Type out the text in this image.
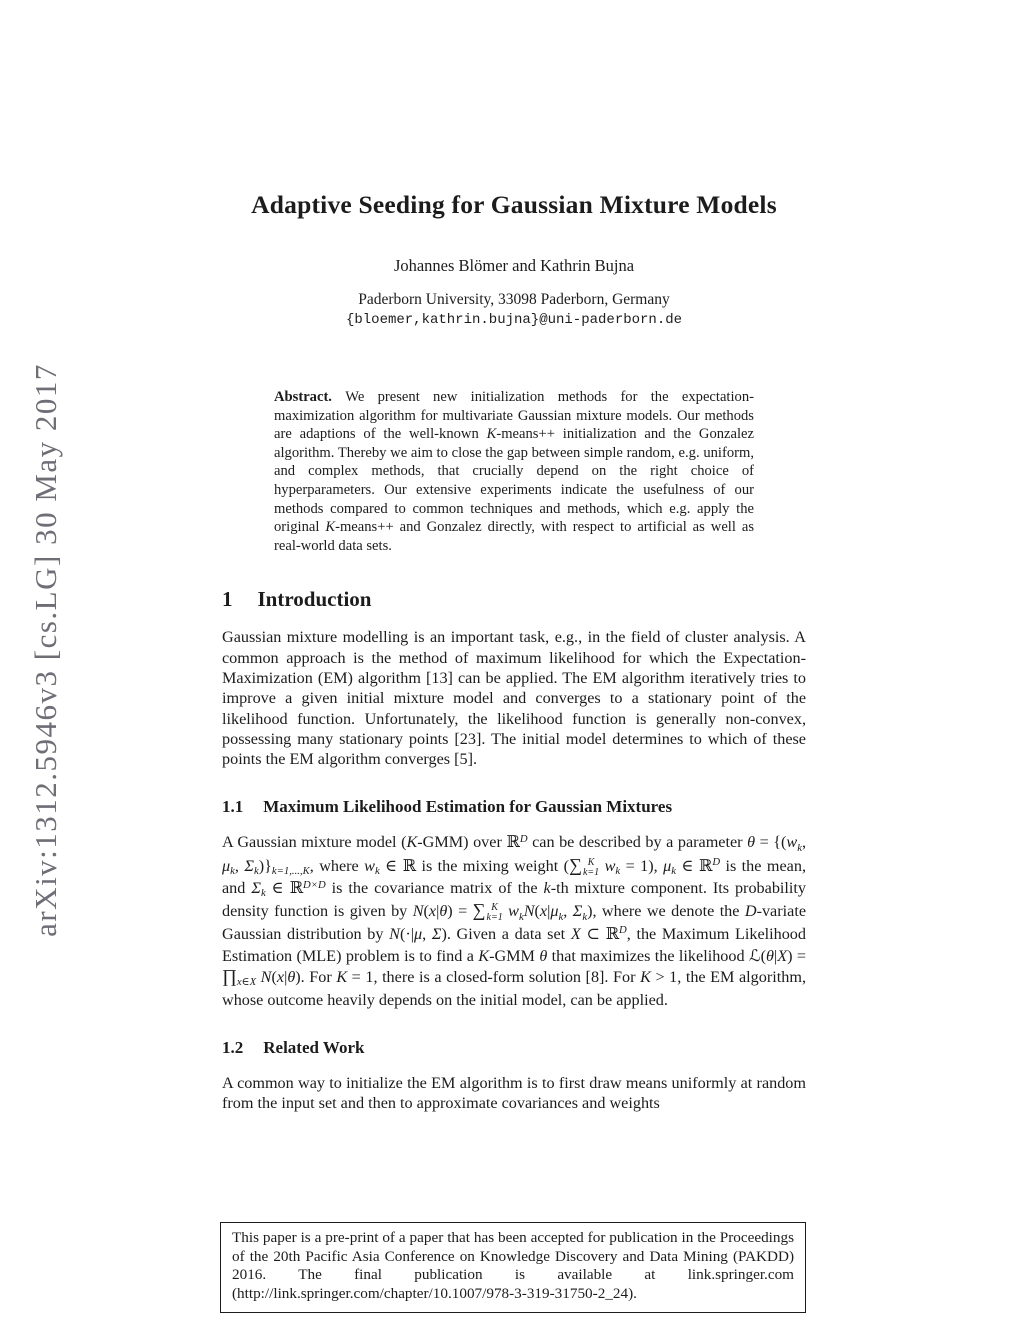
arXiv:1312.5946v3 [cs.LG] 30 May 2017
Adaptive Seeding for Gaussian Mixture Models
Johannes Blömer and Kathrin Bujna
Paderborn University, 33098 Paderborn, Germany
{bloemer,kathrin.bujna}@uni-paderborn.de
Abstract. We present new initialization methods for the expectation-maximization algorithm for multivariate Gaussian mixture models. Our methods are adaptions of the well-known K-means++ initialization and the Gonzalez algorithm. Thereby we aim to close the gap between simple random, e.g. uniform, and complex methods, that crucially depend on the right choice of hyperparameters. Our extensive experiments indicate the usefulness of our methods compared to common techniques and methods, which e.g. apply the original K-means++ and Gonzalez directly, with respect to artificial as well as real-world data sets.
1 Introduction

Gaussian mixture modelling is an important task, e.g., in the field of cluster analysis. A common approach is the method of maximum likelihood for which the Expectation-Maximization (EM) algorithm [13] can be applied. The EM algorithm iteratively tries to improve a given initial mixture model and converges to a stationary point of the likelihood function. Unfortunately, the likelihood function is generally non-convex, possessing many stationary points [23]. The initial model determines to which of these points the EM algorithm converges [5].

1.1 Maximum Likelihood Estimation for Gaussian Mixtures

A Gaussian mixture model (K-GMM) over ℝ$^D$ can be described by a parameter θ = {(wk, μk, Σk)}k=1,...,K, where wk ∈ ℝ is the mixing weight (∑ K
k=1 wk = 1), μk ∈ ℝ$^D$ is the mean, and Σk ∈ ℝ$^{D\times D}$ is the covariance matrix of the k-th mixture component. Its probability density function is given by N(x|θ) = ∑ K
k=1 wkN(x|μk, Σk), where we denote the D-variate Gaussian distribution by N(·|μ, Σ). Given a data set X ⊂ ℝ$^D$, the Maximum Likelihood Estimation (MLE) problem is to find a K-GMM θ that maximizes the likelihood ℒ(θ|X) = ∏x∈X N(x|θ). For K = 1, there is a closed-form solution [8]. For K > 1, the EM algorithm, whose outcome heavily depends on the initial model, can be applied.

1.2 Related Work

A common way to initialize the EM algorithm is to first draw means uniformly at random from the input set and then to approximate covariances and weights

This paper is a pre-print of a paper that has been accepted for publication in the Proceedings of the 20th Pacific Asia Conference on Knowledge Discovery and Data Mining (PAKDD) 2016. The final publication is available at link.springer.com (http://link.springer.com/chapter/10.1007/978-3-319-31750-2_24).
